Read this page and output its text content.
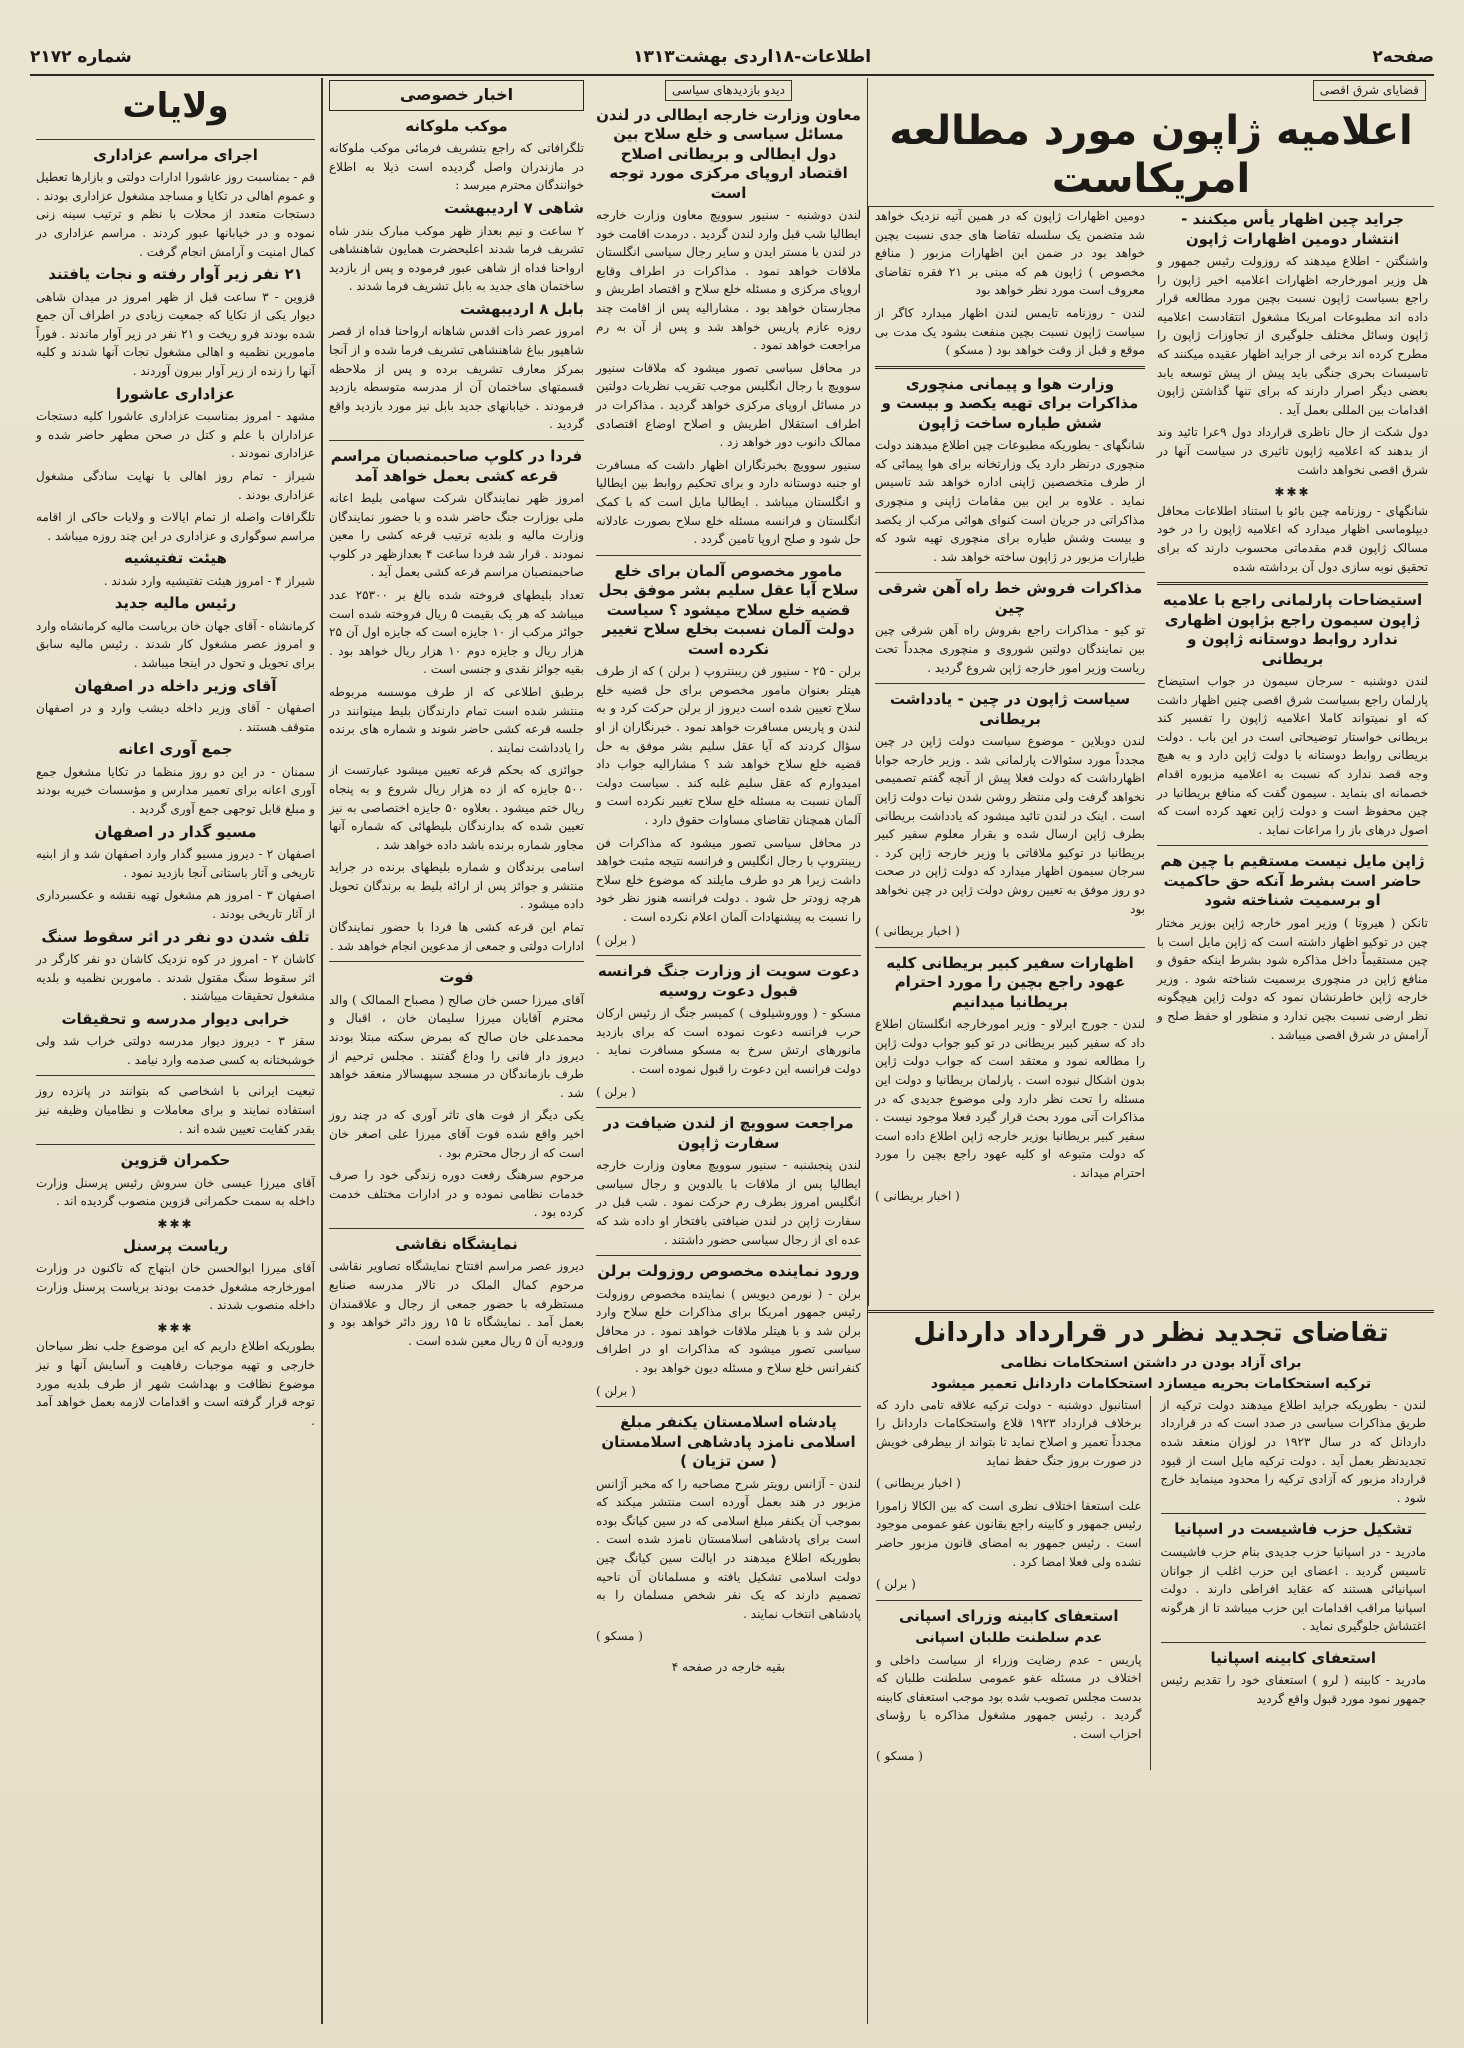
صفحه۲
اطلاعات-۱۸اردی بهشت۱۳۱۳
شماره ۲۱۷۲
قضایای شرق اقصی
اعلامیه ژاپون مورد مطالعه امریکاست
جراید چین اظهار یأس میکنند - انتشار دومین اظهارات ژاپون

واشنگتن - اطلاع میدهند که روزولت رئیس جمهور و هل وزیر امورخارجه اظهارات اعلامیه اخیر ژاپون را راجع بسیاست ژاپون نسبت بچین مورد مطالعه قرار داده اند مطبوعات امریکا مشغول انتقادست اعلامیه ژاپون وسائل مختلف جلوگیری از تجاوزات ژاپون را مطرح کرده اند برخی از جراید اظهار عقیده میکنند که تاسیسات بحری جنگی باید پیش از پیش توسعه یابد بعضی دیگر اصرار دارند که برای تنها گذاشتن ژاپون اقدامات بین المللی بعمل آید .

دول شکت از حال ناظری قرارداد دول ۹عرا تائید وند از بدهند که اعلامیه ژاپون تاثیری در سیاست آنها در شرق اقصی نخواهد داشت

✱✱✱

شانگهای - روزنامه چین بائو با استناد اطلاعات محافل دیپلوماسی اظهار میدارد که اعلامیه ژاپون را در خود مسالک ژاپون قدم مقدماتی محسوب دارند که برای تحقیق نوبه سازی دول آن برداشته شده

استیضاحات پارلمانی راجع با علامیه ژاپون سیمون راجع بژاپون اظهاری ندارد روابط دوستانه ژاپون و بریطانی

لندن دوشنبه - سرجان سیمون در جواب استیضاح پارلمان راجع بسیاست شرق اقصی چنین اظهار داشت که او نمیتواند کاملا اعلامیه ژاپون را تفسیر کند بریطانی خواستار توضیحاتی است در این باب . دولت بریطانی روابط دوستانه با دولت ژاپن دارد و به هیچ وجه قصد ندارد که نسبت به اعلامیه مزبوره اقدام خصمانه ای بنماید . سیمون گفت که منافع بریطانیا در چین محفوظ است و دولت ژاپن تعهد کرده است که اصول درهای باز را مراعات نماید .

ژاپن مایل نیست مستقیم با چین هم حاضر است بشرط آنکه حق حاکمیت او برسمیت شناخته شود

تانکن ( هیروتا ) وزیر امور خارجه ژاپن بوزیر مختار چین در توکیو اظهار داشته است که ژاپن مایل است با چین مستقیماً داخل مذاکره شود بشرط اینکه حقوق و منافع ژاپن در منچوری برسمیت شناخته شود . وزیر خارجه ژاپن خاطرنشان نمود که دولت ژاپن هیچگونه نظر ارضی نسبت بچین ندارد و منظور او حفظ صلح و آرامش در شرق اقصی میباشد .

دومین اظهارات ژاپون که در همین آتیه نزدیک خواهد شد متضمن یک سلسله تقاضا های جدی نسبت بچین خواهد بود در ضمن این اظهارات مزبور ( منافع مخصوص ) ژاپون هم که مبنی بر ۲۱ فقره تقاضای معروف است مورد نظر خواهد بود

لندن - روزنامه تایمس لندن اظهار میدارد کاگر از سیاست ژاپون نسبت بچین منفعت بشود یک مدت بی موقع و قبل از وقت خواهد بود ( مسکو )

وزارت هوا و پیمانی منچوری مذاکرات برای تهیه یکصد و بیست و شش طیاره ساخت ژاپون

شانگهای - بطوریکه مطبوعات چین اطلاع میدهند دولت منچوری درنظر دارد یک وزارتخانه برای هوا پیمائی که از طرف متخصصین ژاپنی اداره خواهد شد تاسیس نماید . علاوه بر این بین مقامات ژاپنی و منچوری مذاکراتی در جریان است کنوای هوائی مرکب از یکصد و بیست وشش طیاره برای منچوری تهیه شود که طیارات مزبور در ژاپون ساخته خواهد شد .

مذاکرات فروش خط راه آهن شرقی چین

تو کیو - مذاکرات راجع بفروش راه آهن شرقی چین بین نمایندگان دولتین شوروی و منچوری مجدداً تحت ریاست وزیر امور خارجه ژاپن شروع گردید .

سیاست ژاپون در چین - یادداشت بریطانی

لندن دوبلاین - موضوع سیاست دولت ژاپن در چین مجدداً مورد سئوالات پارلمانی شد . وزیر خارجه جوابا اظهارداشت که دولت فعلا پیش از آنچه گفتم تصمیمی نخواهد گرفت ولی منتظر روشن شدن نیات دولت ژاپن است . اینک در لندن تائید میشود که یادداشت بریطانی بطرف ژاپن ارسال شده و بقرار معلوم سفیر کبیر بریطانیا در توکیو ملاقاتی با وزیر خارجه ژاپن کرد . سرجان سیمون اظهار میدارد که دولت ژاپن در صحت دو روز موفق به تعیین روش دولت ژاپن در چین نخواهد بود

( اخبار بریطانی )

اظهارات سفیر کبیر بریطانی کلیه عهود راجع بچین را مورد احترام بریطانیا میدانیم

لندن - جورج ایرلاو - وزیر امورخارجه انگلستان اطلاع داد که سفیر کبیر بریطانی در تو کیو جواب دولت ژاپن را مطالعه نمود و معتقد است که جواب دولت ژاپن بدون اشکال نبوده است . پارلمان بریطانیا و دولت این مسئله را تحت نظر دارد ولی موضوع جدیدی که در مذاکرات آتی مورد بحث قرار گیرد فعلا موجود نیست . سفیر کبیر بریطانیا بوزیر خارجه ژاپن اطلاع داده است که دولت متبوعه او کلیه عهود راجع بچین را مورد احترام میداند .

( اخبار بریطانی )

تقاضای تجدید نظر در قرارداد داردانل
برای آزاد بودن در داشتن استحکامات نظامی
ترکیه استحکامات بحریه میسازد استحکامات داردانل تعمیر میشود

لندن - بطوریکه جراید اطلاع میدهند دولت ترکیه از طریق مذاکرات سیاسی در صدد است که در قرارداد داردانل که در سال ۱۹۲۳ در لوزان منعقد شده تجدیدنظر بعمل آید . دولت ترکیه مایل است از قیود قرارداد مزبور که آزادی ترکیه را محدود مینماید خارج شود .

تشکیل حزب فاشیست در اسپانیا

مادرید - در اسپانیا حزب جدیدی بنام حزب فاشیست تاسیس گردید . اعضای این حزب اغلب از جوانان اسپانیائی هستند که عقاید افراطی دارند . دولت اسپانیا مراقب اقدامات این حزب میباشد تا از هرگونه اغتشاش جلوگیری نماید .

استعفای کابینه اسپانیا

مادرید - کابینه ( لرو ) استعفای خود را تقدیم رئیس جمهور نمود مورد قبول واقع گردید

استانبول دوشنبه - دولت ترکیه علاقه تامی دارد که برخلاف قرارداد ۱۹۲۳ قلاع واستحکامات داردانل را مجدداً تعمیر و اصلاح نماید تا بتواند از بیطرفی خویش در صورت بروز جنگ حفظ نماید

( اخبار بریطانی )

علت استعفا اختلاف نظری است که بین الکالا زامورا رئیس جمهور و کابینه راجع بقانون عفو عمومی موجود است . رئیس جمهور به امضای قانون مزبور حاضر نشده ولی فعلا امضا کرد .

( برلن )

استعفای کابینه وزرای اسپانی
عدم سلطنت طلبان اسپانی

پاریس - عدم رضایت وزراء از سیاست داخلی و اختلاف در مسئله عفو عمومی سلطنت طلبان که بدست مجلس تصویب شده بود موجب استعفای کابینه گردید . رئیس جمهور مشغول مذاکره با رؤسای احزاب است .

( مسکو )

دیدو بازدیدهای سیاسی
معاون وزارت خارجه ایطالی در لندن مسائل سیاسی و خلع سلاح بین دول ایطالی و بریطانی اصلاح اقتصاد اروپای مرکزی مورد توجه است

لندن دوشنبه - سنیور سوویچ معاون وزارت خارجه ایطالیا شب قبل وارد لندن گردید . درمدت اقامت خود در لندن با مستر ایدن و سایر رجال سیاسی انگلستان ملاقات خواهد نمود . مذاکرات در اطراف وقایع اروپای مرکزی و مسئله خلع سلاح و اقتصاد اطریش و مجارستان خواهد بود . مشارالیه پس از اقامت چند روزه عازم پاریس خواهد شد و پس از آن به رم مراجعت خواهد نمود .

در محافل سیاسی تصور میشود که ملاقات سنیور سوویچ با رجال انگلیس موجب تقریب نظریات دولتین در مسائل اروپای مرکزی خواهد گردید . مذاکرات در اطراف استقلال اطریش و اصلاح اوضاع اقتصادی ممالک دانوب دور خواهد زد .

سنیور سوویچ بخبرنگاران اظهار داشت که مسافرت او جنبه دوستانه دارد و برای تحکیم روابط بین ایطالیا و انگلستان میباشد . ایطالیا مایل است که با کمک انگلستان و فرانسه مسئله خلع سلاح بصورت عادلانه حل شود و صلح اروپا تامین گردد .

مامور مخصوص آلمان برای خلع سلاح آیا عقل سلیم بشر موفق بحل قضیه خلع سلاح میشود ؟ سیاست دولت آلمان نسبت بخلع سلاح تغییر نکرده است

برلن - ۲۵ - سنیور فن ریبنتروپ ( برلن ) که از طرف هیتلر بعنوان مامور مخصوص برای حل قضیه خلع سلاح تعیین شده است دیروز از برلن حرکت کرد و به لندن و پاریس مسافرت خواهد نمود . خبرنگاران از او سؤال کردند که آیا عقل سلیم بشر موفق به حل قضیه خلع سلاح خواهد شد ؟ مشارالیه جواب داد امیدوارم که عقل سلیم غلبه کند . سیاست دولت آلمان نسبت به مسئله خلع سلاح تغییر نکرده است و آلمان همچنان تقاضای مساوات حقوق دارد .

در محافل سیاسی تصور میشود که مذاکرات فن ریبنتروپ با رجال انگلیس و فرانسه نتیجه مثبت خواهد داشت زیرا هر دو طرف مایلند که موضوع خلع سلاح هرچه زودتر حل شود . دولت فرانسه هنوز نظر خود را نسبت به پیشنهادات آلمان اعلام نکرده است .

( برلن )

دعوت سویت از وزارت جنگ فرانسه قبول دعوت روسیه

مسکو - ( ووروشیلوف ) کمیسر جنگ از رئیس ارکان حرب فرانسه دعوت نموده است که برای بازدید مانورهای ارتش سرخ به مسکو مسافرت نماید . دولت فرانسه این دعوت را قبول نموده است .

( برلن )

مراجعت سوویچ از لندن ضیافت در سفارت ژاپون

لندن پنجشنبه - سنیور سوویچ معاون وزارت خارجه ایطالیا پس از ملاقات با بالدوین و رجال سیاسی انگلیس امروز بطرف رم حرکت نمود . شب قبل در سفارت ژاپن در لندن ضیافتی بافتخار او داده شد که عده ای از رجال سیاسی حضور داشتند .

ورود نماینده مخصوص روزولت برلن

برلن - ( نورمن دیویس ) نماینده مخصوص روزولت رئیس جمهور امریکا برای مذاکرات خلع سلاح وارد برلن شد و با هیتلر ملاقات خواهد نمود . در محافل سیاسی تصور میشود که مذاکرات او در اطراف کنفرانس خلع سلاح و مسئله دیون خواهد بود .

( برلن )

پادشاه اسلامستان یکنفر مبلغ اسلامی نامزد پادشاهی اسلامستان ( سن تزیان )

لندن - آژانس رویتر شرح مصاحبه را که مخبر آژانس مزبور در هند بعمل آورده است منتشر میکند که بموجب آن یکنفر مبلغ اسلامی که در سین کیانگ بوده است برای پادشاهی اسلامستان نامزد شده است . بطوریکه اطلاع میدهند در ایالت سین کیانگ چین دولت اسلامی تشکیل یافته و مسلمانان آن ناحیه تصمیم دارند که یک نفر شخص مسلمان را به پادشاهی انتخاب نمایند .

( مسکو )

بقیه خارجه در صفحه ۴

اخبار خصوصی
موکب ملوکانه

تلگرافاتی که راجع بتشریف فرمائی موکب ملوکانه در مازندران واصل گردیده است ذیلا به اطلاع خوانندگان محترم میرسد :

شاهی ۷ اردیبهشت

۲ ساعت و نیم بعداز ظهر موکب مبارک بندر شاه تشریف فرما شدند اعلیحضرت همایون شاهنشاهی ارواحنا فداه از شاهی عبور فرموده و پس از بازدید ساختمان های جدید به بابل تشریف فرما شدند .

بابل ۸ اردیبهشت

امروز عصر ذات اقدس شاهانه ارواحنا فداه از قصر شاهپور بباغ شاهنشاهی تشریف فرما شده و از آنجا بمرکز معارف تشریف برده و پس از ملاحظه قسمتهای ساختمان آن از مدرسه متوسطه بازدید فرمودند . خیابانهای جدید بابل نیز مورد بازدید واقع گردید .

فردا در کلوپ صاحبمنصبان مراسم قرعه کشی بعمل خواهد آمد

امروز ظهر نمایندگان شرکت سهامی بلیط اعانه ملی بوزارت جنگ حاضر شده و با حضور نمایندگان وزارت مالیه و بلدیه ترتیب قرعه کشی را معین نمودند . قرار شد فردا ساعت ۴ بعدازظهر در کلوپ صاحبمنصبان مراسم قرعه کشی بعمل آید .

تعداد بلیطهای فروخته شده بالغ بر ۲۵۳۰۰ عدد میباشد که هر یک بقیمت ۵ ریال فروخته شده است جوائز مرکب از ۱۰ جایزه است که جایزه اول آن ۲۵ هزار ریال و جایزه دوم ۱۰ هزار ریال خواهد بود . بقیه جوائز نقدی و جنسی است .

برطبق اطلاعی که از طرف موسسه مربوطه منتشر شده است تمام دارندگان بلیط میتوانند در جلسه قرعه کشی حاضر شوند و شماره های برنده را یادداشت نمایند .

جوائزی که بحکم قرعه تعیین میشود عبارتست از ۵۰۰ جایزه که از ده هزار ریال شروع و به پنجاه ریال ختم میشود . بعلاوه ۵۰ جایزه اختصاصی به نیز تعیین شده که بدارندگان بلیطهائی که شماره آنها مجاور شماره برنده باشد داده خواهد شد .

اسامی برندگان و شماره بلیطهای برنده در جراید منتشر و جوائز پس از ارائه بلیط به برندگان تحویل داده میشود .

تمام این قرعه کشی ها فردا با حضور نمایندگان ادارات دولتی و جمعی از مدعوین انجام خواهد شد .

فوت

آقای میرزا حسن خان صالح ( مصباح الممالک ) والد محترم آقایان میرزا سلیمان خان ، اقبال و محمدعلی خان صالح که بمرض سکته مبتلا بودند دیروز دار فانی را وداع گفتند . مجلس ترحیم از طرف بازماندگان در مسجد سپهسالار منعقد خواهد شد .

یکی دیگر از فوت های تاثر آوری که در چند روز اخیر واقع شده فوت آقای میرزا علی اصغر خان است که از رجال محترم بود .

مرحوم سرهنگ رفعت دوره زندگی خود را صرف خدمات نظامی نموده و در ادارات مختلف خدمت کرده بود .

نمایشگاه نقاشی

دیروز عصر مراسم افتتاح نمایشگاه تصاویر نقاشی مرحوم کمال الملک در تالار مدرسه صنایع مستظرفه با حضور جمعی از رجال و علاقمندان بعمل آمد . نمایشگاه تا ۱۵ روز دائر خواهد بود و ورودیه آن ۵ ریال معین شده است .

ولایات
اجرای مراسم عزاداری

قم - بمناسبت روز عاشورا ادارات دولتی و بازارها تعطیل و عموم اهالی در تکایا و مساجد مشغول عزاداری بودند . دستجات متعدد از محلات با نظم و ترتیب سینه زنی نموده و در خیابانها عبور کردند . مراسم عزاداری در کمال امنیت و آرامش انجام گرفت .

۲۱ نفر زیر آوار رفته و نجات یافتند

قزوین - ۳ ساعت قبل از ظهر امروز در میدان شاهی دیوار یکی از تکایا که جمعیت زیادی در اطراف آن جمع شده بودند فرو ریخت و ۲۱ نفر در زیر آوار ماندند . فوراً مامورین نظمیه و اهالی مشغول نجات آنها شدند و کلیه آنها را زنده از زیر آوار بیرون آوردند .

عزاداری عاشورا

مشهد - امروز بمناسبت عزاداری عاشورا کلیه دستجات عزاداران با علم و کتل در صحن مطهر حاضر شده و عزاداری نمودند .

شیراز - تمام روز اهالی با نهایت سادگی مشغول عزاداری بودند .

تلگرافات واصله از تمام ایالات و ولایات حاکی از اقامه مراسم سوگواری و عزاداری در این چند روزه میباشد .

هیئت تفتیشیه

شیراز ۴ - امروز هیئت تفتیشیه وارد شدند .

رئیس مالیه جدید

کرمانشاه - آقای جهان خان بریاست مالیه کرمانشاه وارد و امروز عصر مشغول کار شدند . رئیس مالیه سابق برای تحویل و تحول در اینجا میباشد .

آقای وزیر داخله در اصفهان

اصفهان - آقای وزیر داخله دیشب وارد و در اصفهان متوقف هستند .

جمع آوری اعانه

سمنان - در این دو روز منظما در تکایا مشغول جمع آوری اعانه برای تعمیر مدارس و مؤسسات خیریه بودند و مبلغ قابل توجهی جمع آوری گردید .

مسیو گدار در اصفهان

اصفهان ۲ - دیروز مسیو گدار وارد اصفهان شد و از ابنیه تاریخی و آثار باستانی آنجا بازدید نمود .

اصفهان ۳ - امروز هم مشغول تهیه نقشه و عکسبرداری از آثار تاریخی بودند .

تلف شدن دو نفر در اثر سقوط سنگ

کاشان ۲ - امروز در کوه نزدیک کاشان دو نفر کارگر در اثر سقوط سنگ مقتول شدند . ماموربن نظمیه و بلدیه مشغول تحقیقات میباشند .

خرابی دیوار مدرسه و تحقیقات

سقز ۳ - دیروز دیوار مدرسه دولتی خراب شد ولی خوشبختانه به کسی صدمه وارد نیامد .

تبعیت ایرانی با اشخاصی که بتوانند در پانزده روز استفاده نمایند و برای معاملات و نظامیان وظیفه نیز بقدر کفایت تعیین شده اند .

حکمران قزوین

آقای میرزا عیسی خان سروش رئیس پرسنل وزارت داخله به سمت حکمرانی قزوین منصوب گردیده اند .

✱✱✱
ریاست پرسنل

آقای میرزا ابوالحسن خان ابتهاج که تاکنون در وزارت امورخارجه مشغول خدمت بودند بریاست پرسنل وزارت داخله منصوب شدند .

✱✱✱

بطوریکه اطلاع داریم که این موضوع جلب نظر سیاحان خارجی و تهیه موجبات رفاهیت و آسایش آنها و نیز موضوع نظافت و بهداشت شهر از طرف بلدیه مورد توجه قرار گرفته است و اقدامات لازمه بعمل خواهد آمد .
